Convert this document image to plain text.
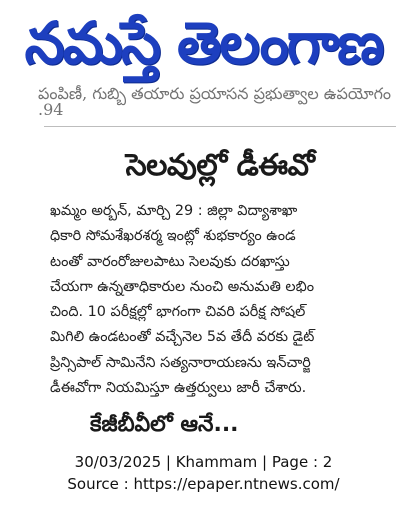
నమస్తే తెలంగాణ
పంపిణీ, గుబ్బి తయారు ప్రయాసన ప్రభుత్వాల ఉపయోగం .94
సెలవుల్లో డీఈవో
ఖమ్మం అర్బన్, మార్చి 29 : జిల్లా విద్యాశాఖా
ధికారి సోమశేఖరశర్మ ఇంట్లో శుభకార్యం ఉండ
టంతో వారంరోజులపాటు సెలవుకు దరఖాస్తు
చేయగా ఉన్నతాధికారుల నుంచి అనుమతి లభిం
చింది. 10 పరీక్షల్లో భాగంగా చివరి పరీక్ష సోషల్
మిగిలి ఉండటంతో వచ్చేనెల 5వ తేదీ వరకు డైట్
ప్రిన్సిపాల్ సామినేని సత్యనారాయణను ఇన్‌చార్జి
డీఈవోగా నియమిస్తూ ఉత్తర్వులు జారీ చేశారు.
కేజీబీవీలో ఆనే...
30/03/2025 | Khammam | Page : 2
Source : https://epaper.ntnews.com/
